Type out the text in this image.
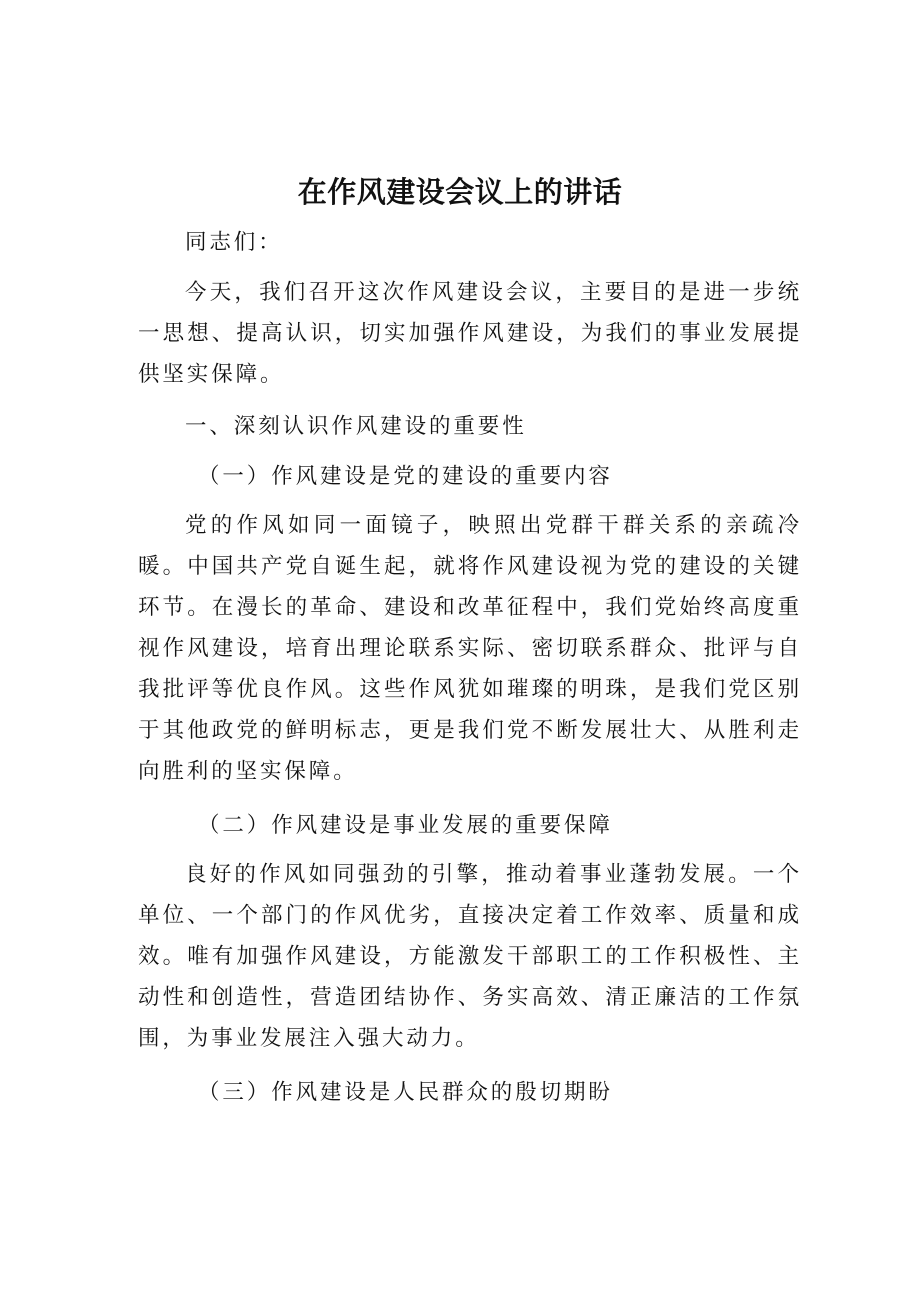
在作风建设会议上的讲话

同志们：

今天，我们召开这次作风建设会议，主要目的是进一步统一思想、提高认识，切实加强作风建设，为我们的事业发展提供坚实保障。

一、深刻认识作风建设的重要性

（一）作风建设是党的建设的重要内容

党的作风如同一面镜子，映照出党群干群关系的亲疏冷暖。中国共产党自诞生起，就将作风建设视为党的建设的关键环节。在漫长的革命、建设和改革征程中，我们党始终高度重视作风建设，培育出理论联系实际、密切联系群众、批评与自我批评等优良作风。这些作风犹如璀璨的明珠，是我们党区别于其他政党的鲜明标志，更是我们党不断发展壮大、从胜利走向胜利的坚实保障。

（二）作风建设是事业发展的重要保障

良好的作风如同强劲的引擎，推动着事业蓬勃发展。一个单位、一个部门的作风优劣，直接决定着工作效率、质量和成效。唯有加强作风建设，方能激发干部职工的工作积极性、主动性和创造性，营造团结协作、务实高效、清正廉洁的工作氛围，为事业发展注入强大动力。

（三）作风建设是人民群众的殷切期盼
